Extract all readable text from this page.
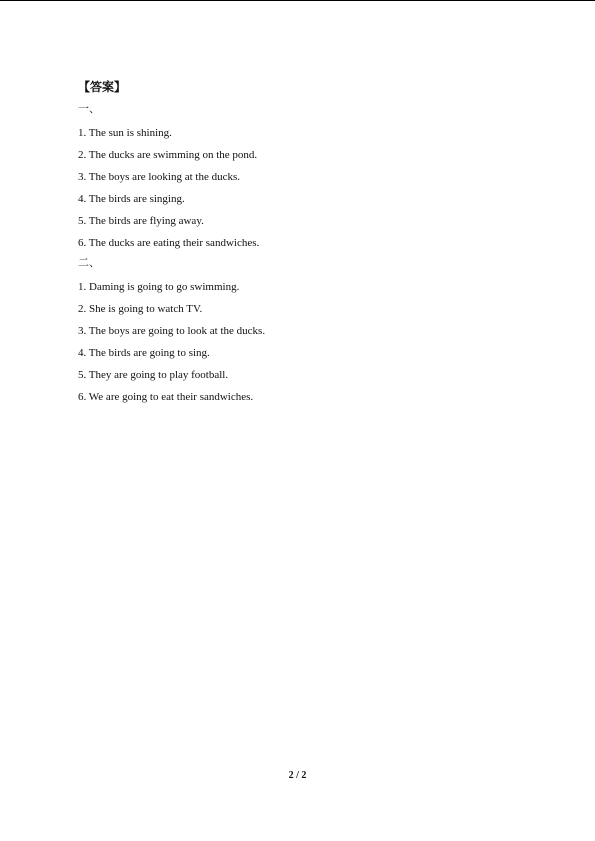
【答案】
一、
1. The sun is shining.
2. The ducks are swimming on the pond.
3. The boys are looking at the ducks.
4. The birds are singing.
5. The birds are flying away.
6. The ducks are eating their sandwiches.
二、
1. Daming is going to go swimming.
2. She is going to watch TV.
3. The boys are going to look at the ducks.
4. The birds are going to sing.
5. They are going to play football.
6. We are going to eat their sandwiches.
2 / 2
